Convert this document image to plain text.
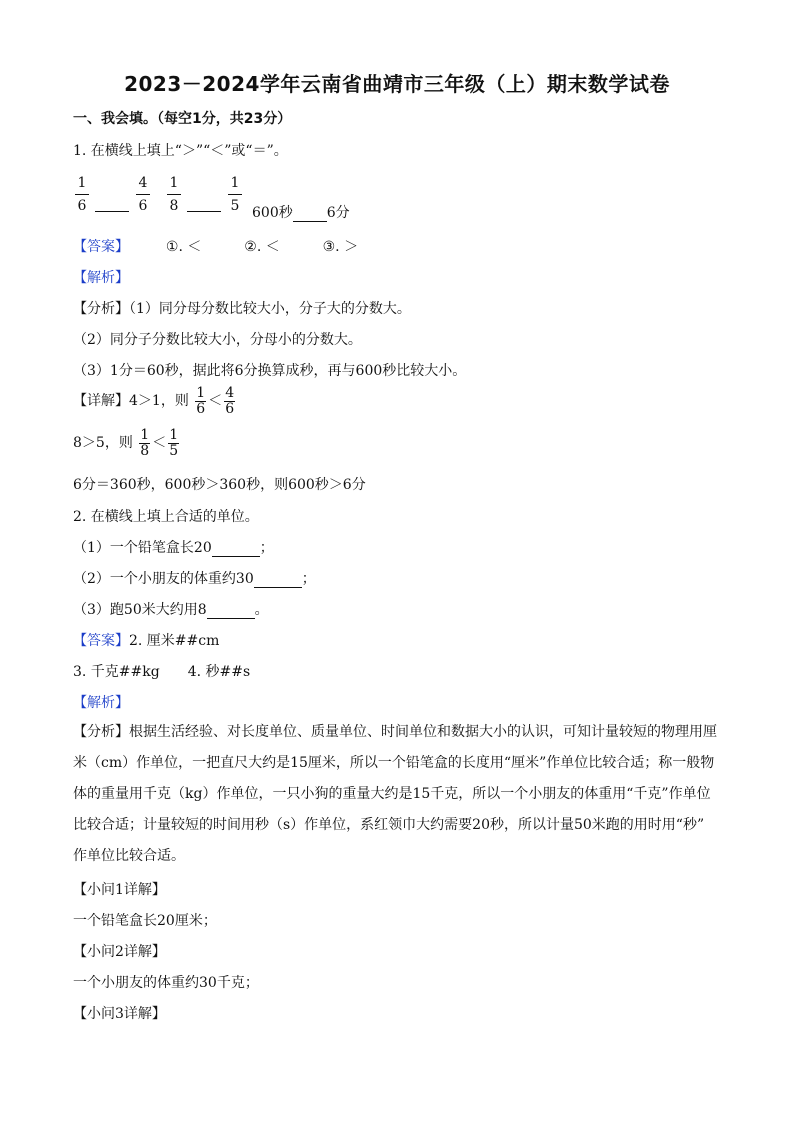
2023－2024学年云南省曲靖市三年级（上）期末数学试卷
一、我会填。（每空1分，共23分）
1. 在横线上填上“＞”“＜”或“＝”。
$\frac{1}{6}$
	$\frac{4}{6} \frac{1}{8}$
	$\frac{1}{5} 600$秒 6分
【答案】	①. ＜	②. ＜	③. ＞
【解析】
【分析】（1）同分母分数比较大小，分子大的分数大。
（2）同分子分数比较大小，分母小的分数大。
（3）1分＝60秒，据此将6分换算成秒，再与600秒比较大小。
【详解】4＞1，则 $\frac{1}{6} < \frac{4}{6}$
8＞5，则 $\frac{1}{8} < \frac{1}{5}$
6分＝360秒，600秒＞360秒，则600秒＞6分
2. 在横线上填上合适的单位。
（1）一个铅笔盒长20	；
（2）一个小朋友的体重约30	；
（3）跑50米大约用8	。
【答案】2. 厘米##cm
3. 千克##kg　　4. 秒##s
【解析】
【分析】根据生活经验、对长度单位、质量单位、时间单位和数据大小的认识，可知计量较短的物理用厘
米（cm）作单位，一把直尺大约是15厘米，所以一个铅笔盒的长度用“厘米”作单位比较合适；称一般物
体的重量用千克（kg）作单位，一只小狗的重量大约是15千克，所以一个小朋友的体重用“千克”作单位
比较合适；计量较短的时间用秒（s）作单位，系红领巾大约需要20秒，所以计量50米跑的用时用“秒”
作单位比较合适。
【小问1详解】
一个铅笔盒长20厘米；
【小问2详解】
一个小朋友的体重约30千克；
【小问3详解】
